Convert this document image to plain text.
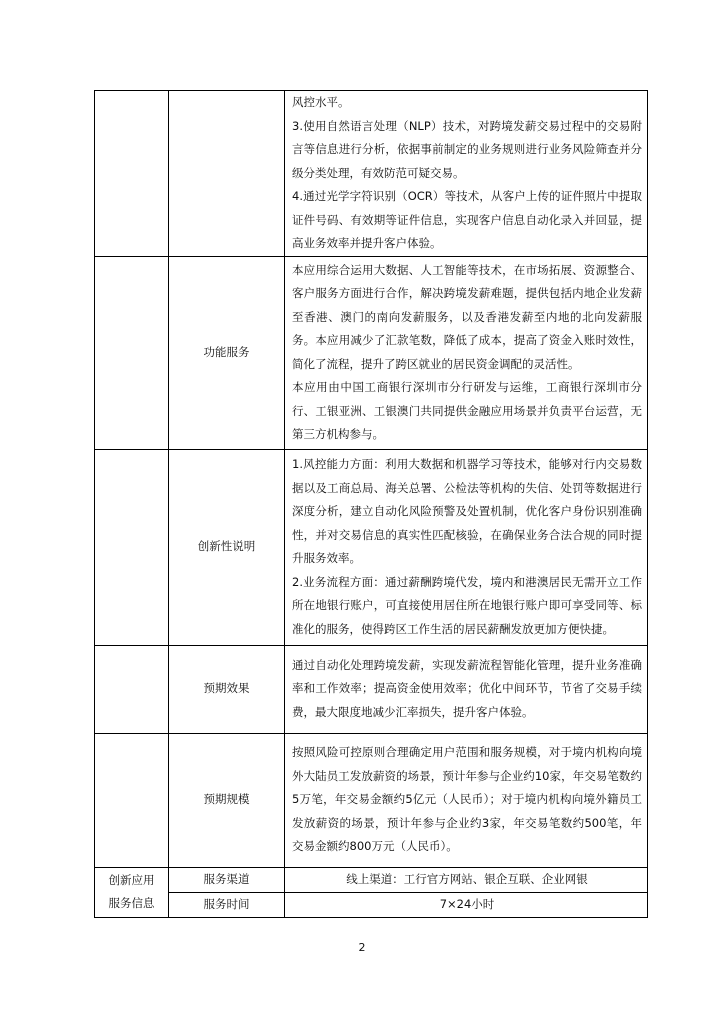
		风控水平。
3.使用自然语言处理（NLP）技术，对跨境发薪交易过程中的交易附言等信息进行分析，依据事前制定的业务规则进行业务风险筛查并分级分类处理，有效防范可疑交易。
4.通过光学字符识别（OCR）等技术，从客户上传的证件照片中提取证件号码、有效期等证件信息，实现客户信息自动化录入并回显，提高业务效率并提升客户体验。

	功能服务	本应用综合运用大数据、人工智能等技术，在市场拓展、资源整合、客户服务方面进行合作，解决跨境发薪难题，提供包括内地企业发薪至香港、澳门的南向发薪服务，以及香港发薪至内地的北向发薪服务。本应用减少了汇款笔数，降低了成本，提高了资金入账时效性，简化了流程，提升了跨区就业的居民资金调配的灵活性。
本应用由中国工商银行深圳市分行研发与运维，工商银行深圳市分行、工银亚洲、工银澳门共同提供金融应用场景并负责平台运营，无第三方机构参与。

	创新性说明	1.风控能力方面：利用大数据和机器学习等技术，能够对行内交易数据以及工商总局、海关总署、公检法等机构的失信、处罚等数据进行深度分析，建立自动化风险预警及处置机制，优化客户身份识别准确性，并对交易信息的真实性匹配核验，在确保业务合法合规的同时提升服务效率。
2.业务流程方面：通过薪酬跨境代发，境内和港澳居民无需开立工作所在地银行账户，可直接使用居住所在地银行账户即可享受同等、标准化的服务，使得跨区工作生活的居民薪酬发放更加方便快捷。

	预期效果	通过自动化处理跨境发薪，实现发薪流程智能化管理，提升业务准确率和工作效率；提高资金使用效率；优化中间环节，节省了交易手续费，最大限度地减少汇率损失，提升客户体验。
	预期规模	按照风险可控原则合理确定用户范围和服务规模，对于境内机构向境外大陆员工发放薪资的场景，预计年参与企业约10家，年交易笔数约5万笔，年交易金额约5亿元（人民币）；对于境内机构向境外籍员工发放薪资的场景，预计年参与企业约3家，年交易笔数约500笔，年交易金额约800万元（人民币）。
创新应用服务信息	服务渠道	线上渠道：工行官方网站、银企互联、企业网银
	服务时间	7×24小时
2
